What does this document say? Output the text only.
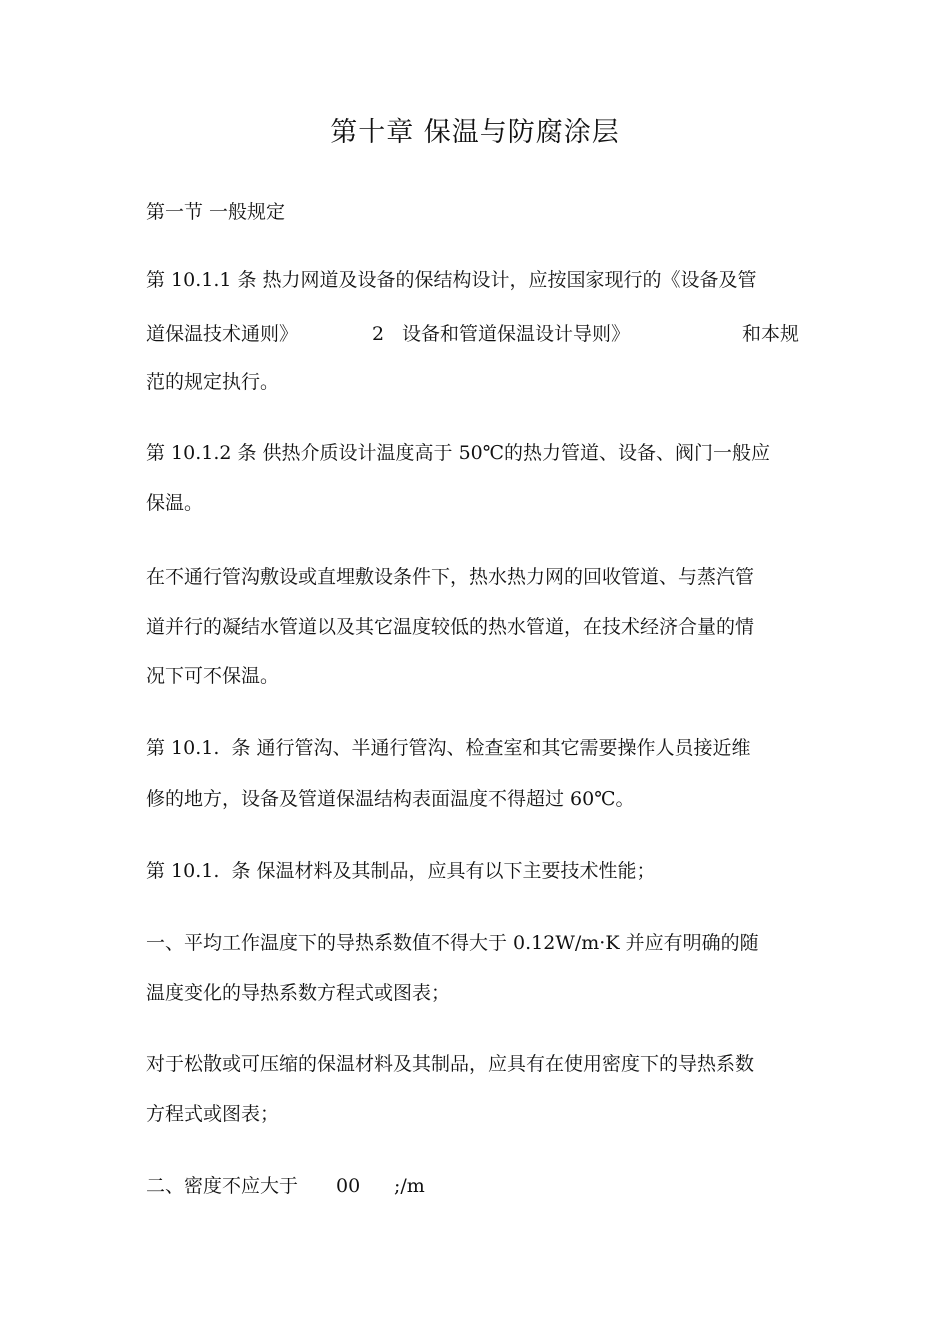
第十章 保温与防腐涂层
第一节 一般规定
第 10.1.1 条 热力网道及设备的保结构设计，应按国家现行的《设备及管
道保温技术通则》	2 设备和管道保温设计导则》	和本规
范的规定执行。
第 10.1.2 条 供热介质设计温度高于 50℃的热力管道、设备、阀门一般应
保温。
在不通行管沟敷设或直埋敷设条件下，热水热力网的回收管道、与蒸汽管
道并行的凝结水管道以及其它温度较低的热水管道，在技术经济合量的情
况下可不保温。
第 10.1.  条 通行管沟、半通行管沟、检查室和其它需要操作人员接近维
修的地方，设备及管道保温结构表面温度不得超过 60℃。
第 10.1.  条 保温材料及其制品，应具有以下主要技术性能；
一、平均工作温度下的导热系数值不得大于 0.12W/m·K 并应有明确的随
温度变化的导热系数方程式或图表；
对于松散或可压缩的保温材料及其制品，应具有在使用密度下的导热系数
方程式或图表；
二、密度不应大于 00 ;/m
